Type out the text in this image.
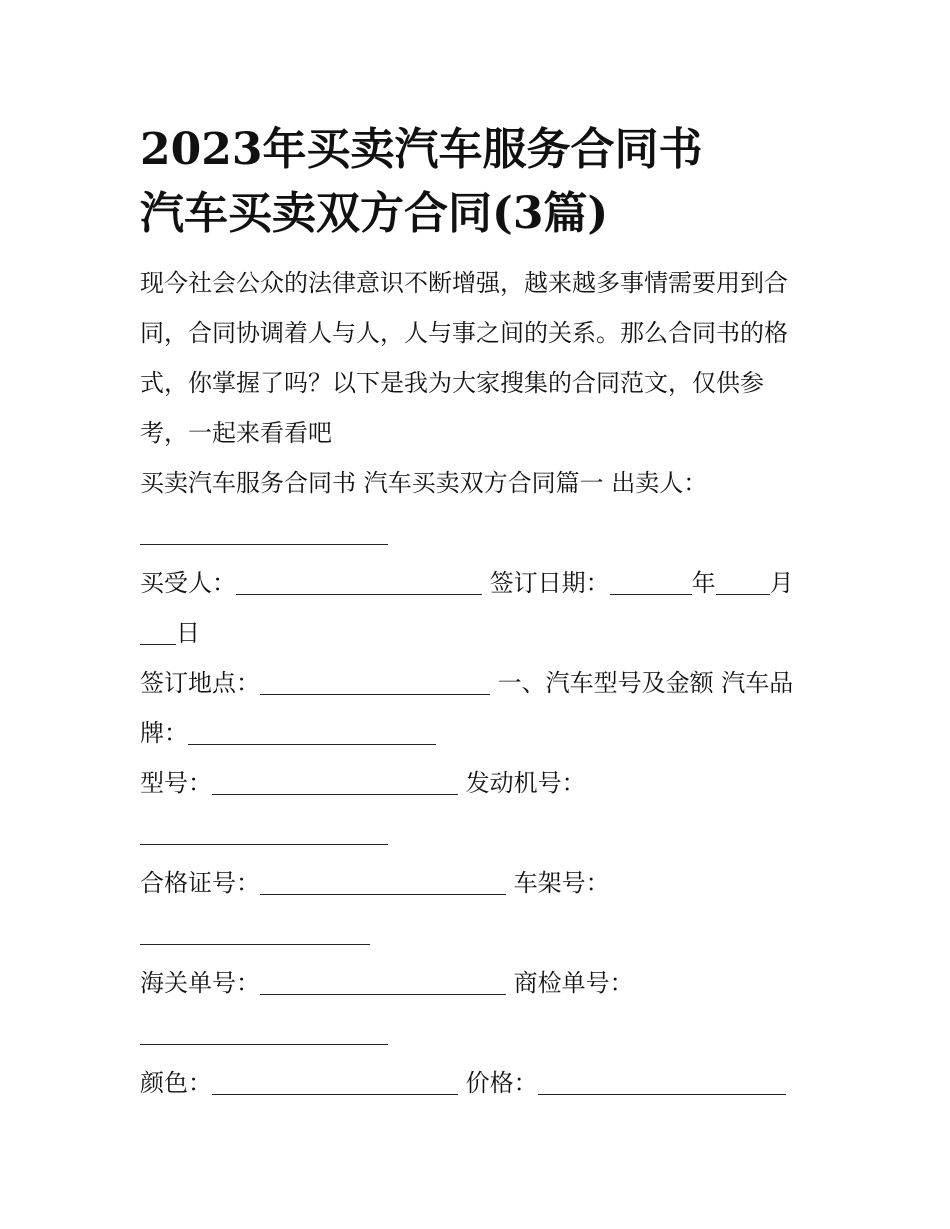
2023年买卖汽车服务合同书
汽车买卖双方合同(3篇)
现今社会公众的法律意识不断增强，越来越多事情需要用到合
同，合同协调着人与人，人与事之间的关系。那么合同书的格
式，你掌握了吗？以下是我为大家搜集的合同范文，仅供参
考，一起来看看吧
买卖汽车服务合同书 汽车买卖双方合同篇一 出卖人：
买受人：	签订日期：	年 月
日
签订地点：	一、汽车型号及金额 汽车品
牌：
型号：	发动机号：
合格证号：	车架号：
海关单号：	商检单号：
颜色：	价格：
